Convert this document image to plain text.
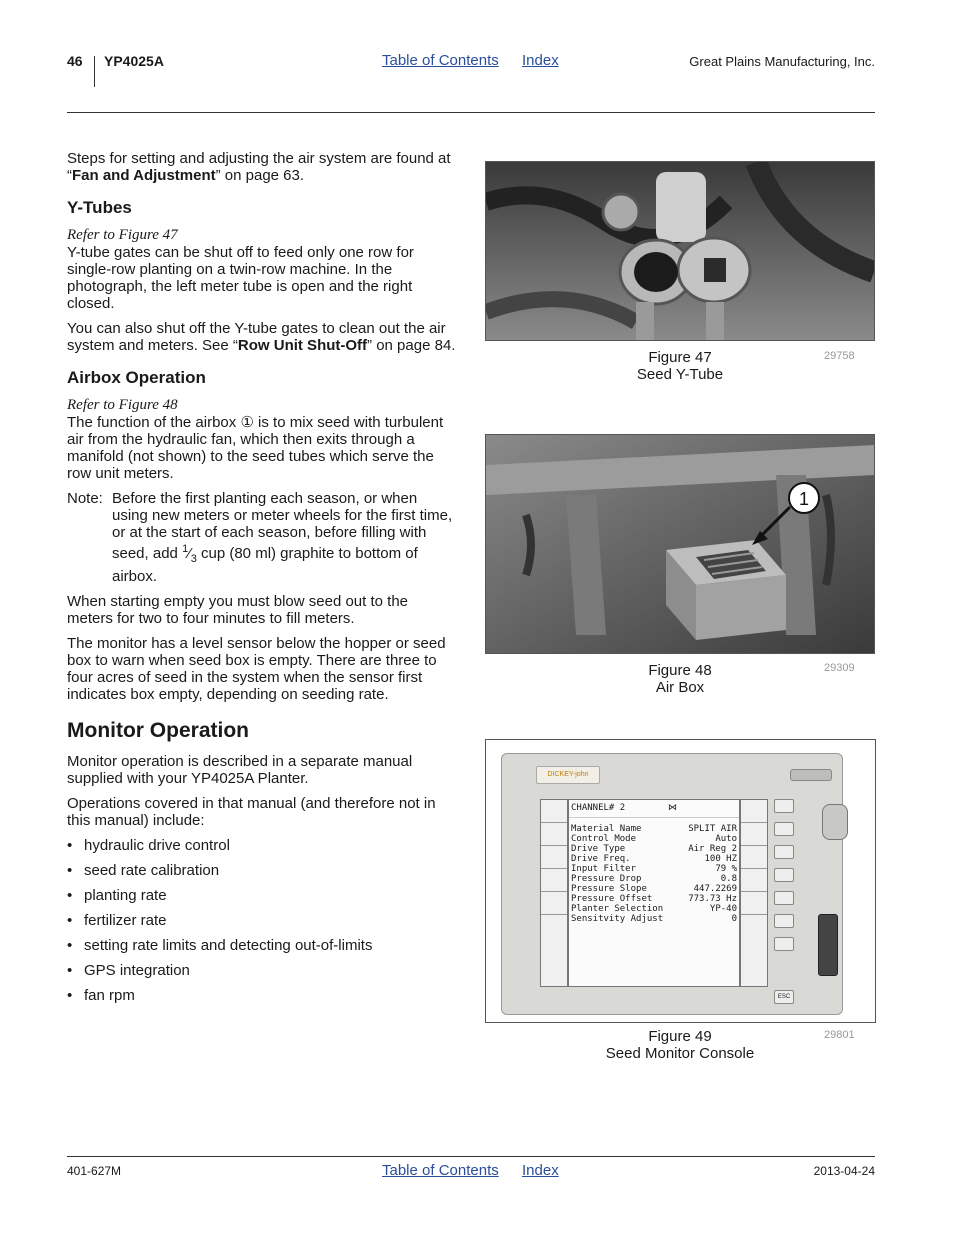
46 YP4025A	Table of Contents Index	Great Plains Manufacturing, Inc.

Steps for setting and adjusting the air system are found at “Fan and Adjustment” on page 63.

Y-Tubes
Refer to Figure 47

Y-tube gates can be shut off to feed only one row for single-row planting on a twin-row machine. In the photograph, the left meter tube is open and the right closed.

You can also shut off the Y-tube gates to clean out the air system and meters. See “Row Unit Shut-Off” on page 84.

Airbox Operation
Refer to Figure 48

The function of the airbox ① is to mix seed with turbulent air from the hydraulic fan, which then exits through a manifold (not shown) to the seed tubes which serve the row unit meters.

Note: Before the first planting each season, or when using new meters or meter wheels for the first time, or at the start of each season, before filling with seed, add $^1⁄_3$ cup (80 ml) graphite to bottom of airbox.

When starting empty you must blow seed out to the meters for two to four minutes to fill meters.

The monitor has a level sensor below the hopper or seed box to warn when seed box is empty. There are three to four acres of seed in the system when the sensor first indicates box empty, depending on seeding rate.

Monitor Operation

Monitor operation is described in a separate manual supplied with your YP4025A Planter.

Operations covered in that manual (and therefore not in this manual) include:

• hydraulic drive control
• seed rate calibration
• planting rate
• fertilizer rate
• setting rate limits and detecting out-of-limits
• GPS integration
• fan rpm
Figure 47
Seed Y-Tube
29758
1
Figure 48
Air Box
29309
DICKEY-john
CHANNEL# 2	⋈
Material Name	SPLIT AIR
Control Mode	Auto
Drive Type	Air Reg 2
Drive Freq.	100 HZ
Input Filter	79 %
Pressure Drop	0.8
Pressure Slope	447.2269
Pressure Offset	773.73 Hz
Planter Selection	YP-40
Sensitvity Adjust	0
ESC
Figure 49
Seed Monitor Console
29801
401-627M	Table of Contents Index	2013-04-24
